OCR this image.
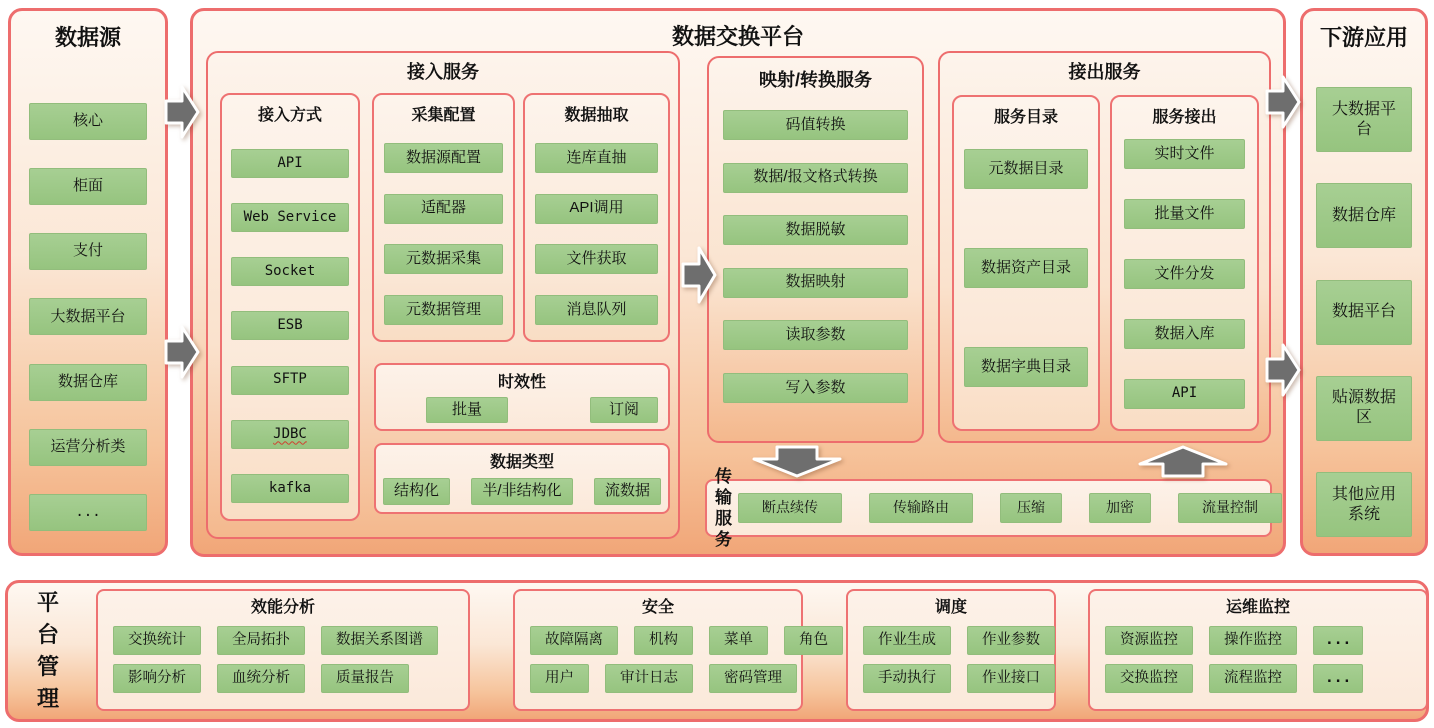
数据源
核心
柜面
支付
大数据平台
数据仓库
运营分析类
...
数据交换平台
接入服务
接入方式
API
Web Service
Socket
ESB
SFTP
JDBC
kafka
采集配置
数据源配置
适配器
元数据采集
元数据管理
数据抽取
连库直抽
API调用
文件获取
消息队列
时效性
批量	订阅
数据类型
结构化	半/非结构化	流数据
映射/转换服务
码值转换
数据/报文格式转换
数据脱敏
数据映射
读取参数
写入参数
接出服务
服务目录
元数据目录
数据资产目录
数据字典目录
服务接出
实时文件
批量文件
文件分发
数据入库
API
传输服务
断点续传	传输路由	压缩	加密	流量控制
下游应用
大数据平台
数据仓库
数据平台
贴源数据区
其他应用系统
平台管理
效能分析
交换统计	全局拓扑	数据关系图谱
影响分析	血统分析	质量报告
安全
故障隔离	机构	菜单	角色
用户	审计日志	密码管理
调度
作业生成	作业参数
手动执行	作业接口
运维监控
资源监控	操作监控	...
交换监控	流程监控	...
